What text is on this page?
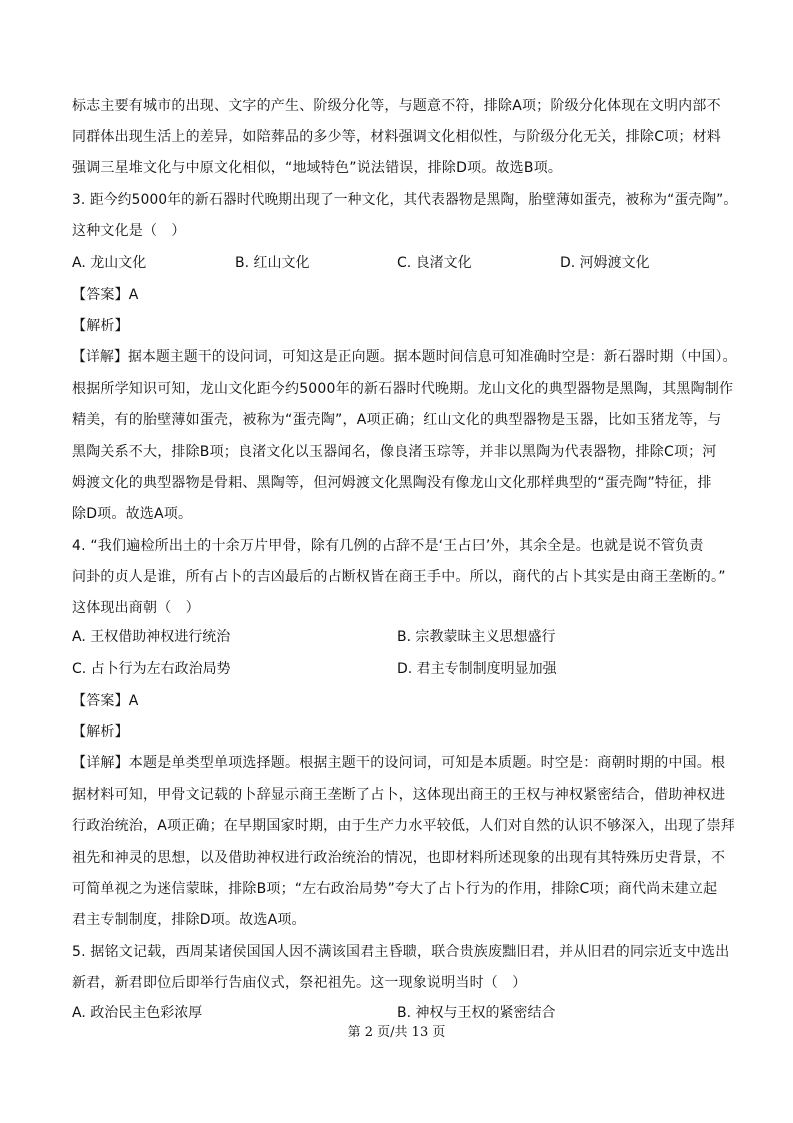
标志主要有城市的出现、文字的产生、阶级分化等，与题意不符，排除A项；阶级分化体现在文明内部不
同群体出现生活上的差异，如陪葬品的多少等，材料强调文化相似性，与阶级分化无关，排除C项；材料
强调三星堆文化与中原文化相似，“地域特色”说法错误，排除D项。故选B项。
3. 距今约5000年的新石器时代晚期出现了一种文化，其代表器物是黑陶，胎壁薄如蛋壳，被称为“蛋壳陶”。
这种文化是（　）
A. 龙山文化	B. 红山文化	C. 良渚文化	D. 河姆渡文化
【答案】A
【解析】
【详解】据本题主题干的设问词，可知这是正向题。据本题时间信息可知准确时空是：新石器时期（中国）。
根据所学知识可知，龙山文化距今约5000年的新石器时代晚期。龙山文化的典型器物是黑陶，其黑陶制作
精美，有的胎壁薄如蛋壳，被称为“蛋壳陶”，A项正确；红山文化的典型器物是玉器，比如玉猪龙等，与
黑陶关系不大，排除B项；良渚文化以玉器闻名，像良渚玉琮等，并非以黑陶为代表器物，排除C项；河
姆渡文化的典型器物是骨耜、黑陶等，但河姆渡文化黑陶没有像龙山文化那样典型的“蛋壳陶”特征，排
除D项。故选A项。
4. “我们遍检所出土的十余万片甲骨，除有几例的占辞不是‘王占曰’外，其余全是。也就是说不管负责
问卦的贞人是谁，所有占卜的吉凶最后的占断权皆在商王手中。所以，商代的占卜其实是由商王垄断的。”
这体现出商朝（　）
A. 王权借助神权进行统治	B. 宗教蒙昧主义思想盛行
C. 占卜行为左右政治局势	D. 君主专制制度明显加强
【答案】A
【解析】
【详解】本题是单类型单项选择题。根据主题干的设问词，可知是本质题。时空是：商朝时期的中国。根
据材料可知，甲骨文记载的卜辞显示商王垄断了占卜，这体现出商王的王权与神权紧密结合，借助神权进
行政治统治，A项正确；在早期国家时期，由于生产力水平较低，人们对自然的认识不够深入，出现了崇拜
祖先和神灵的思想，以及借助神权进行政治统治的情况，也即材料所述现象的出现有其特殊历史背景，不
可简单视之为迷信蒙昧，排除B项；“左右政治局势”夸大了占卜行为的作用，排除C项；商代尚未建立起
君主专制制度，排除D项。故选A项。
5. 据铭文记载，西周某诸侯国国人因不满该国君主昏聩，联合贵族废黜旧君，并从旧君的同宗近支中选出
新君，新君即位后即举行告庙仪式，祭祀祖先。这一现象说明当时（　）
A. 政治民主色彩浓厚	B. 神权与王权的紧密结合
第 2 页/共 13 页
